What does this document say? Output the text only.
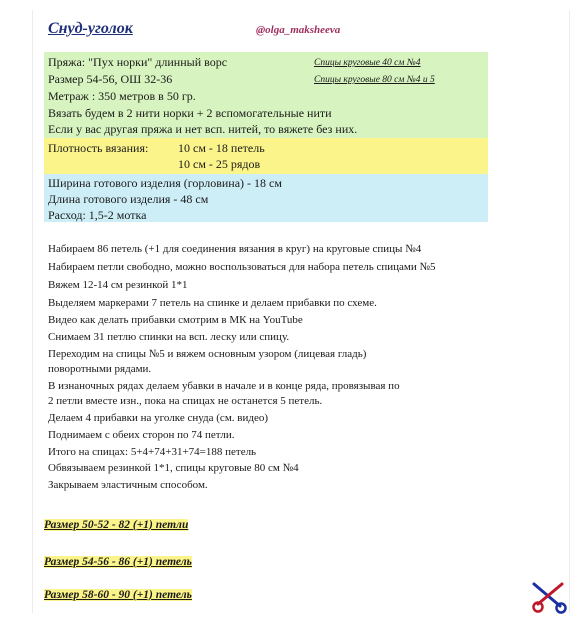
Снуд-уголок	@olga_maksheeva
Пряжа: "Пух норки" длинный ворс
Размер 54-56, ОШ 32-36
Метраж : 350 метров в 50 гр.
Вязать будем в 2 нити норки + 2 вспомогательные нити
Если у вас другая пряжа и нет всп. нитей, то вяжете без них.
Спицы круговые 40 см №4
Спицы круговые 80 см №4 и 5
Плотность вязания: 10 см - 18 петель
10 см - 25 рядов
Ширина готового изделия (горловина) - 18 см
Длина готового изделия - 48 см
Расход: 1,5-2 мотка
Набираем 86 петель (+1 для соединения вязания в круг) на круговые спицы №4
Набираем петли свободно, можно воспользоваться для набора петель спицами №5
Вяжем 12-14 см резинкой 1*1
Выделяем маркерами 7 петель на спинке и делаем прибавки по схеме.
Видео как делать прибавки смотрим в МК на YouTube
Снимаем 31 петлю спинки на всп. леску или спицу.
Переходим на спицы №5 и вяжем основным узором (лицевая гладь)
поворотными рядами.
В изнаночных рядах делаем убавки в начале и в конце ряда, провязывая по
2 петли вместе изн., пока на спицах не останется 5 петель.
Делаем 4 прибавки на уголке снуда (см. видео)
Поднимаем с обеих сторон по 74 петли.
Итого на спицах: 5+4+74+31+74=188 петель
Обвязываем резинкой 1*1, спицы круговые 80 см №4
Закрываем эластичным способом.
Размер 50-52 - 82 (+1) петли
Размер 54-56 - 86 (+1) петель
Размер 58-60 - 90 (+1) петель
